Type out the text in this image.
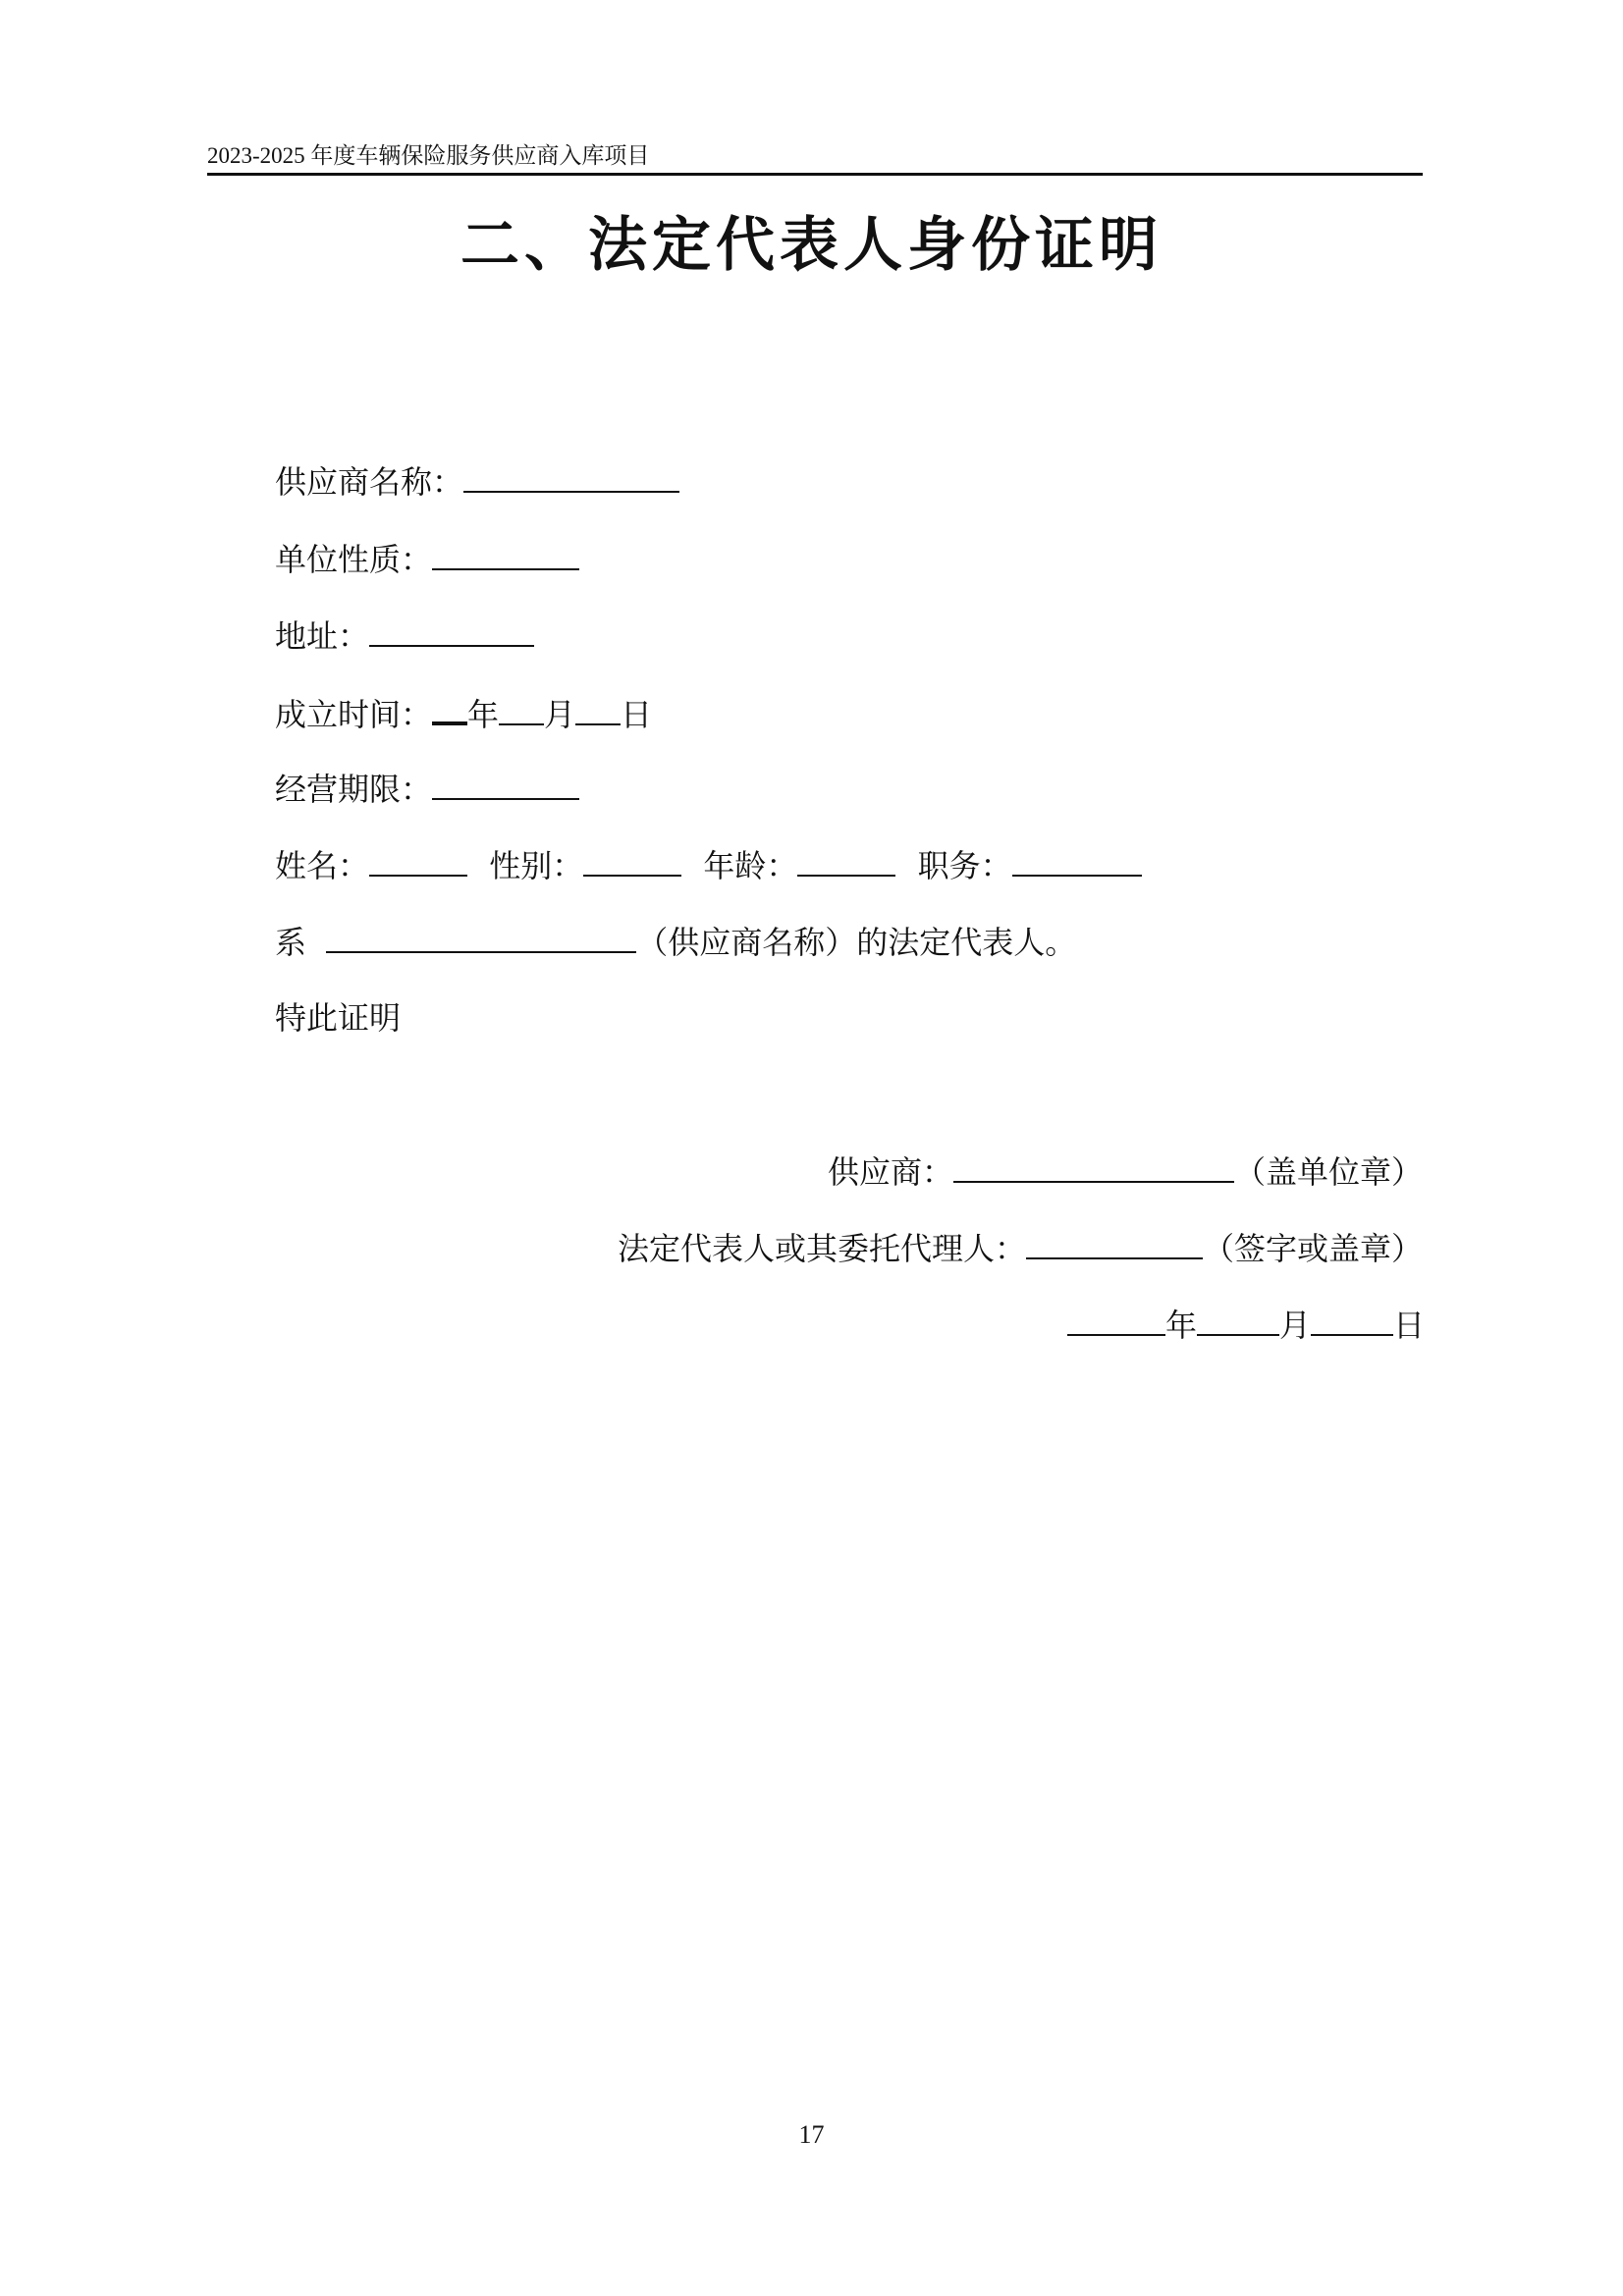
2023-2025 年度车辆保险服务供应商入库项目
二、法定代表人身份证明
供应商名称：
单位性质：
地址：
成立时间： 年 月 日
经营期限：
姓名：	性别：	年龄：	职务：
系	（供应商名称）的法定代表人。
特此证明
供应商：	（盖单位章）
法定代表人或其委托代理人：	（签字或盖章）
年	月	日
17
